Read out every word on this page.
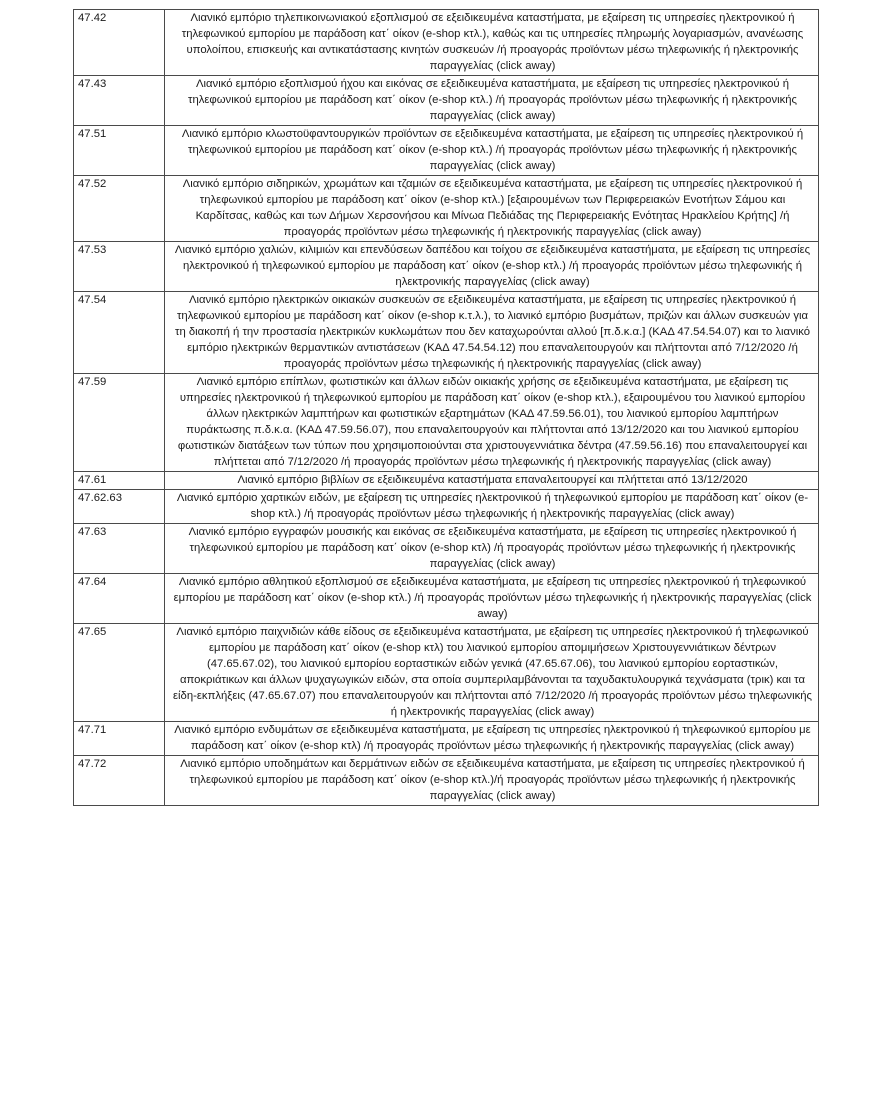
47.42	Λιανικό εμπόριο τηλεπικοινωνιακού εξοπλισμού σε εξειδικευμένα καταστήματα, με εξαίρεση τις υπηρεσίες ηλεκτρονικού ή τηλεφωνικού εμπορίου με παράδοση κατ΄ οίκον (e-shop κτλ.), καθώς και τις υπηρεσίες πληρωμής λογαριασμών, ανανέωσης υπολοίπου, επισκευής και αντικατάστασης κινητών συσκευών /ή προαγοράς προϊόντων μέσω τηλεφωνικής ή ηλεκτρονικής παραγγελίας (click away)
47.43	Λιανικό εμπόριο εξοπλισμού ήχου και εικόνας σε εξειδικευμένα καταστήματα, με εξαίρεση τις υπηρεσίες ηλεκτρονικού ή τηλεφωνικού εμπορίου με παράδοση κατ΄ οίκον (e-shop κτλ.) /ή προαγοράς προϊόντων μέσω τηλεφωνικής ή ηλεκτρονικής παραγγελίας (click away)
47.51	Λιανικό εμπόριο κλωστοϋφαντουργικών προϊόντων σε εξειδικευμένα καταστήματα, με εξαίρεση τις υπηρεσίες ηλεκτρονικού ή τηλεφωνικού εμπορίου με παράδοση κατ΄ οίκον (e-shop κτλ.) /ή προαγοράς προϊόντων μέσω τηλεφωνικής ή ηλεκτρονικής παραγγελίας (click away)
47.52	Λιανικό εμπόριο σιδηρικών, χρωμάτων και τζαμιών σε εξειδικευμένα καταστήματα, με εξαίρεση τις υπηρεσίες ηλεκτρονικού ή τηλεφωνικού εμπορίου με παράδοση κατ΄ οίκον (e-shop κτλ.) [εξαιρουμένων των Περιφερειακών Ενοτήτων Σάμου και Καρδίτσας, καθώς και των Δήμων Χερσονήσου και Μίνωα Πεδιάδας της Περιφερειακής Ενότητας Ηρακλείου Κρήτης] /ή προαγοράς προϊόντων μέσω τηλεφωνικής ή ηλεκτρονικής παραγγελίας (click away)
47.53	Λιανικό εμπόριο χαλιών, κιλιμιών και επενδύσεων δαπέδου και τοίχου σε εξειδικευμένα καταστήματα, με εξαίρεση τις υπηρεσίες ηλεκτρονικού ή τηλεφωνικού εμπορίου με παράδοση κατ΄ οίκον (e-shop κτλ.) /ή προαγοράς προϊόντων μέσω τηλεφωνικής ή ηλεκτρονικής παραγγελίας (click away)
47.54	Λιανικό εμπόριο ηλεκτρικών οικιακών συσκευών σε εξειδικευμένα καταστήματα, με εξαίρεση τις υπηρεσίες ηλεκτρονικού ή τηλεφωνικού εμπορίου με παράδοση κατ΄ οίκον (e-shop κ.τ.λ.), το λιανικό εμπόριο βυσμάτων, πριζών και άλλων συσκευών για τη διακοπή ή την προστασία ηλεκτρικών κυκλωμάτων που δεν καταχωρούνται αλλού [π.δ.κ.α.] (ΚΑΔ 47.54.54.07) και το λιανικό εμπόριο ηλεκτρικών θερμαντικών αντιστάσεων (ΚΑΔ 47.54.54.12) που επαναλειτουργούν και πλήττονται από 7/12/2020 /ή προαγοράς προϊόντων μέσω τηλεφωνικής ή ηλεκτρονικής παραγγελίας (click away)
47.59	Λιανικό εμπόριο επίπλων, φωτιστικών και άλλων ειδών οικιακής χρήσης σε εξειδικευμένα καταστήματα, με εξαίρεση τις υπηρεσίες ηλεκτρονικού ή τηλεφωνικού εμπορίου με παράδοση κατ΄ οίκον (e-shop κτλ.), εξαιρουμένου του λιανικού εμπορίου άλλων ηλεκτρικών λαμπτήρων και φωτιστικών εξαρτημάτων (ΚΑΔ 47.59.56.01), του λιανικού εμπορίου λαμπτήρων πυράκτωσης π.δ.κ.α. (ΚΑΔ 47.59.56.07), που επαναλειτουργούν και πλήττονται από 13/12/2020 και του λιανικού εμπορίου φωτιστικών διατάξεων των τύπων που χρησιμοποιούνται στα χριστουγεννιάτικα δέντρα (47.59.56.16) που επαναλειτουργεί και πλήττεται από 7/12/2020 /ή προαγοράς προϊόντων μέσω τηλεφωνικής ή ηλεκτρονικής παραγγελίας (click away)
47.61	Λιανικό εμπόριο βιβλίων σε εξειδικευμένα καταστήματα επαναλειτουργεί και πλήττεται από 13/12/2020
47.62.63	Λιανικό εμπόριο χαρτικών ειδών, με εξαίρεση τις υπηρεσίες ηλεκτρονικού ή τηλεφωνικού εμπορίου με παράδοση κατ΄ οίκον (e-shop κτλ.) /ή προαγοράς προϊόντων μέσω τηλεφωνικής ή ηλεκτρονικής παραγγελίας (click away)
47.63	Λιανικό εμπόριο εγγραφών μουσικής και εικόνας σε εξειδικευμένα καταστήματα, με εξαίρεση τις υπηρεσίες ηλεκτρονικού ή τηλεφωνικού εμπορίου με παράδοση κατ΄ οίκον (e-shop κτλ) /ή προαγοράς προϊόντων μέσω τηλεφωνικής ή ηλεκτρονικής παραγγελίας (click away)
47.64	Λιανικό εμπόριο αθλητικού εξοπλισμού σε εξειδικευμένα καταστήματα, με εξαίρεση τις υπηρεσίες ηλεκτρονικού ή τηλεφωνικού εμπορίου με παράδοση κατ΄ οίκον (e-shop κτλ.) /ή προαγοράς προϊόντων μέσω τηλεφωνικής ή ηλεκτρονικής παραγγελίας (click away)
47.65	Λιανικό εμπόριο παιχνιδιών κάθε είδους σε εξειδικευμένα καταστήματα, με εξαίρεση τις υπηρεσίες ηλεκτρονικού ή τηλεφωνικού εμπορίου με παράδοση κατ΄ οίκον (e-shop κτλ) του λιανικού εμπορίου απομιμήσεων Χριστουγεννιάτικων δέντρων (47.65.67.02), του λιανικού εμπορίου εορταστικών ειδών γενικά (47.65.67.06), του λιανικού εμπορίου εορταστικών, αποκριάτικων και άλλων ψυχαγωγικών ειδών, στα οποία συμπεριλαμβάνονται τα ταχυδακτυλουργικά τεχνάσματα (τρικ) και τα είδη-εκπλήξεις (47.65.67.07) που επαναλειτουργούν και πλήττονται από 7/12/2020 /ή προαγοράς προϊόντων μέσω τηλεφωνικής ή ηλεκτρονικής παραγγελίας (click away)
47.71	Λιανικό εμπόριο ενδυμάτων σε εξειδικευμένα καταστήματα, με εξαίρεση τις υπηρεσίες ηλεκτρονικού ή τηλεφωνικού εμπορίου με παράδοση κατ΄ οίκον (e-shop κτλ) /ή προαγοράς προϊόντων μέσω τηλεφωνικής ή ηλεκτρονικής παραγγελίας (click away)
47.72	Λιανικό εμπόριο υποδημάτων και δερμάτινων ειδών σε εξειδικευμένα καταστήματα, με εξαίρεση τις υπηρεσίες ηλεκτρονικού ή τηλεφωνικού εμπορίου με παράδοση κατ΄ οίκον (e-shop κτλ.)/ή προαγοράς προϊόντων μέσω τηλεφωνικής ή ηλεκτρονικής παραγγελίας (click away)
